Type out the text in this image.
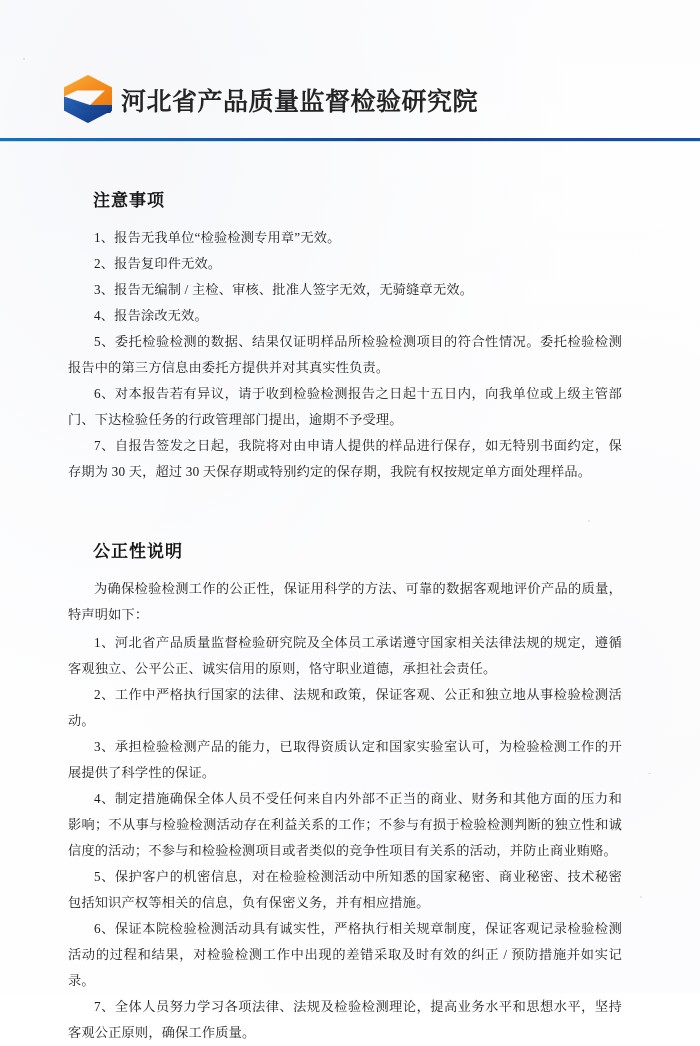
河北省产品质量监督检验研究院
注意事项

1、报告无我单位“检验检测专用章”无效。

2、报告复印件无效。

3、报告无编制 / 主检、审核、批准人签字无效，无骑缝章无效。

4、报告涂改无效。

5、委托检验检测的数据、结果仅证明样品所检验检测项目的符合性情况。委托检验检测报告中的第三方信息由委托方提供并对其真实性负责。

6、对本报告若有异议，请于收到检验检测报告之日起十五日内，向我单位或上级主管部门、下达检验任务的行政管理部门提出，逾期不予受理。

7、自报告签发之日起，我院将对由申请人提供的样品进行保存，如无特别书面约定，保存期为 30 天，超过 30 天保存期或特别约定的保存期，我院有权按规定单方面处理样品。

公正性说明

为确保检验检测工作的公正性，保证用科学的方法、可靠的数据客观地评价产品的质量，特声明如下：

1、河北省产品质量监督检验研究院及全体员工承诺遵守国家相关法律法规的规定，遵循客观独立、公平公正、诚实信用的原则，恪守职业道德，承担社会责任。

2、工作中严格执行国家的法律、法规和政策，保证客观、公正和独立地从事检验检测活动。

3、承担检验检测产品的能力，已取得资质认定和国家实验室认可，为检验检测工作的开展提供了科学性的保证。

4、制定措施确保全体人员不受任何来自内外部不正当的商业、财务和其他方面的压力和影响；不从事与检验检测活动存在利益关系的工作；不参与有损于检验检测判断的独立性和诚信度的活动；不参与和检验检测项目或者类似的竞争性项目有关系的活动，并防止商业贿赂。

5、保护客户的机密信息，对在检验检测活动中所知悉的国家秘密、商业秘密、技术秘密包括知识产权等相关的信息，负有保密义务，并有相应措施。

6、保证本院检验检测活动具有诚实性，严格执行相关规章制度，保证客观记录检验检测活动的过程和结果，对检验检测工作中出现的差错采取及时有效的纠正 / 预防措施并如实记录。

7、全体人员努力学习各项法律、法规及检验检测理论，提高业务水平和思想水平，坚持客观公正原则，确保工作质量。
